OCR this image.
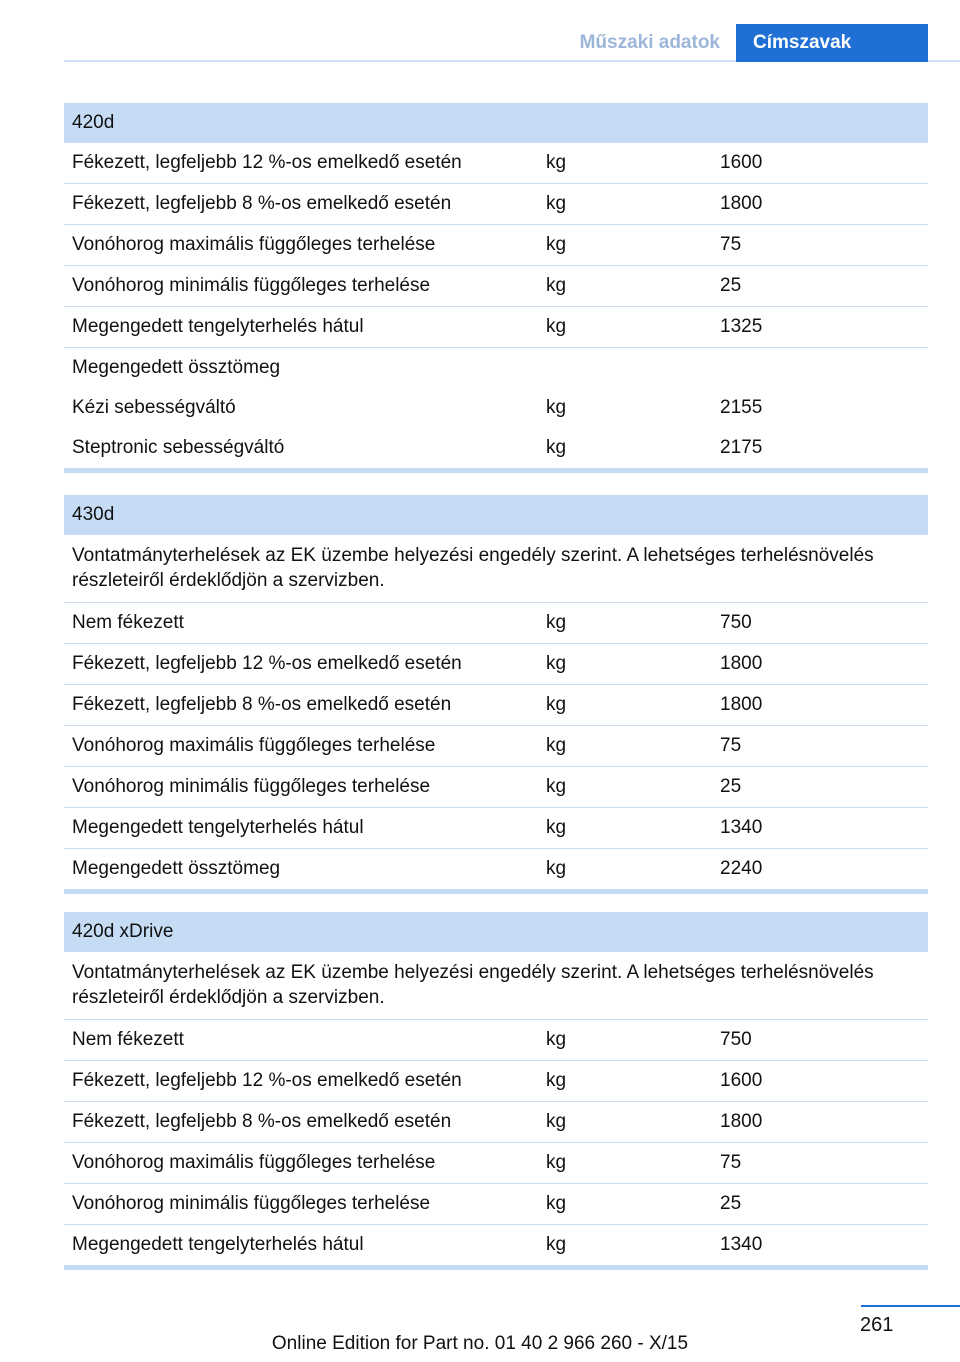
Műszaki adatok	Címszavak
420d
Fékezett, legfeljebb 12 %-os emelkedő esetén	kg	1600
Fékezett, legfeljebb 8 %-os emelkedő esetén	kg	1800
Vonóhorog maximális függőleges terhelése	kg	75
Vonóhorog minimális függőleges terhelése	kg	25
Megengedett tengelyterhelés hátul	kg	1325
Megengedett össztömeg
Kézi sebességváltó	kg	2155
Steptronic sebességváltó	kg	2175
430d
Vontatmányterhelések az EK üzembe helyezési engedély szerint. A lehetséges terhelésnövelés részleteiről érdeklődjön a szervizben.
Nem fékezett	kg	750
Fékezett, legfeljebb 12 %-os emelkedő esetén	kg	1800
Fékezett, legfeljebb 8 %-os emelkedő esetén	kg	1800
Vonóhorog maximális függőleges terhelése	kg	75
Vonóhorog minimális függőleges terhelése	kg	25
Megengedett tengelyterhelés hátul	kg	1340
Megengedett össztömeg	kg	2240
420d xDrive
Vontatmányterhelések az EK üzembe helyezési engedély szerint. A lehetséges terhelésnövelés részleteiről érdeklődjön a szervizben.
Nem fékezett	kg	750
Fékezett, legfeljebb 12 %-os emelkedő esetén	kg	1600
Fékezett, legfeljebb 8 %-os emelkedő esetén	kg	1800
Vonóhorog maximális függőleges terhelése	kg	75
Vonóhorog minimális függőleges terhelése	kg	25
Megengedett tengelyterhelés hátul	kg	1340
261
Online Edition for Part no. 01 40 2 966 260 - X/15
